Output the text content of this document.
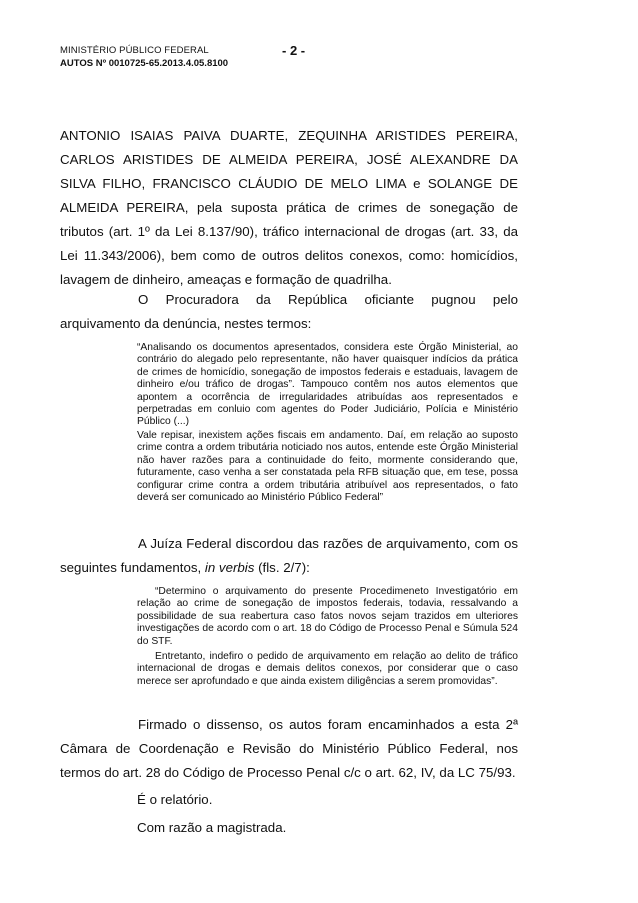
MINISTÉRIO PÚBLICO FEDERAL	- 2 -
AUTOS Nº 0010725-65.2013.4.05.8100

ANTONIO ISAIAS PAIVA DUARTE, ZEQUINHA ARISTIDES PEREIRA, CARLOS ARISTIDES DE ALMEIDA PEREIRA, JOSÉ ALEXANDRE DA SILVA FILHO, FRANCISCO CLÁUDIO DE MELO LIMA e SOLANGE DE ALMEIDA PEREIRA, pela suposta prática de crimes de sonegação de tributos (art. 1º da Lei 8.137/90), tráfico internacional de drogas (art. 33, da Lei 11.343/2006), bem como de outros delitos conexos, como: homicídios, lavagem de dinheiro, ameaças e formação de quadrilha.

O Procuradora da República oficiante pugnou pelo arquivamento da denúncia, nestes termos:

“Analisando os documentos apresentados, considera este Órgão Ministerial, ao contrário do alegado pelo representante, não haver quaisquer indícios da prática de crimes de homicídio, sonegação de impostos federais e estaduais, lavagem de dinheiro e/ou tráfico de drogas”. Tampouco contêm nos autos elementos que apontem a ocorrência de irregularidades atribuídas aos representados e perpetradas em conluio com agentes do Poder Judiciário, Polícia e Ministério Público (...)

Vale repisar, inexistem ações fiscais em andamento. Daí, em relação ao suposto crime contra a ordem tributária noticiado nos autos, entende este Órgão Ministerial não haver razões para a continuidade do feito, mormente considerando que, futuramente, caso venha a ser constatada pela RFB situação que, em tese, possa configurar crime contra a ordem tributária atribuível aos representados, o fato deverá ser comunicado ao Ministério Público Federal”

A Juíza Federal discordou das razões de arquivamento, com os seguintes fundamentos, in verbis (fls. 2/7):

“Determino o arquivamento do presente Procedimeneto Investigatório em relação ao crime de sonegação de impostos federais, todavia, ressalvando a possibilidade de sua reabertura caso fatos novos sejam trazidos em ulteriores investigações de acordo com o art. 18 do Código de Processo Penal e Súmula 524 do STF.

Entretanto, indefiro o pedido de arquivamento em relação ao delito de tráfico internacional de drogas e demais delitos conexos, por considerar que o caso merece ser aprofundado e que ainda existem diligências a serem promovidas”.

Firmado o dissenso, os autos foram encaminhados a esta 2ª Câmara de Coordenação e Revisão do Ministério Público Federal, nos termos do art. 28 do Código de Processo Penal c/c o art. 62, IV, da LC 75/93.

É o relatório.

Com razão a magistrada.
